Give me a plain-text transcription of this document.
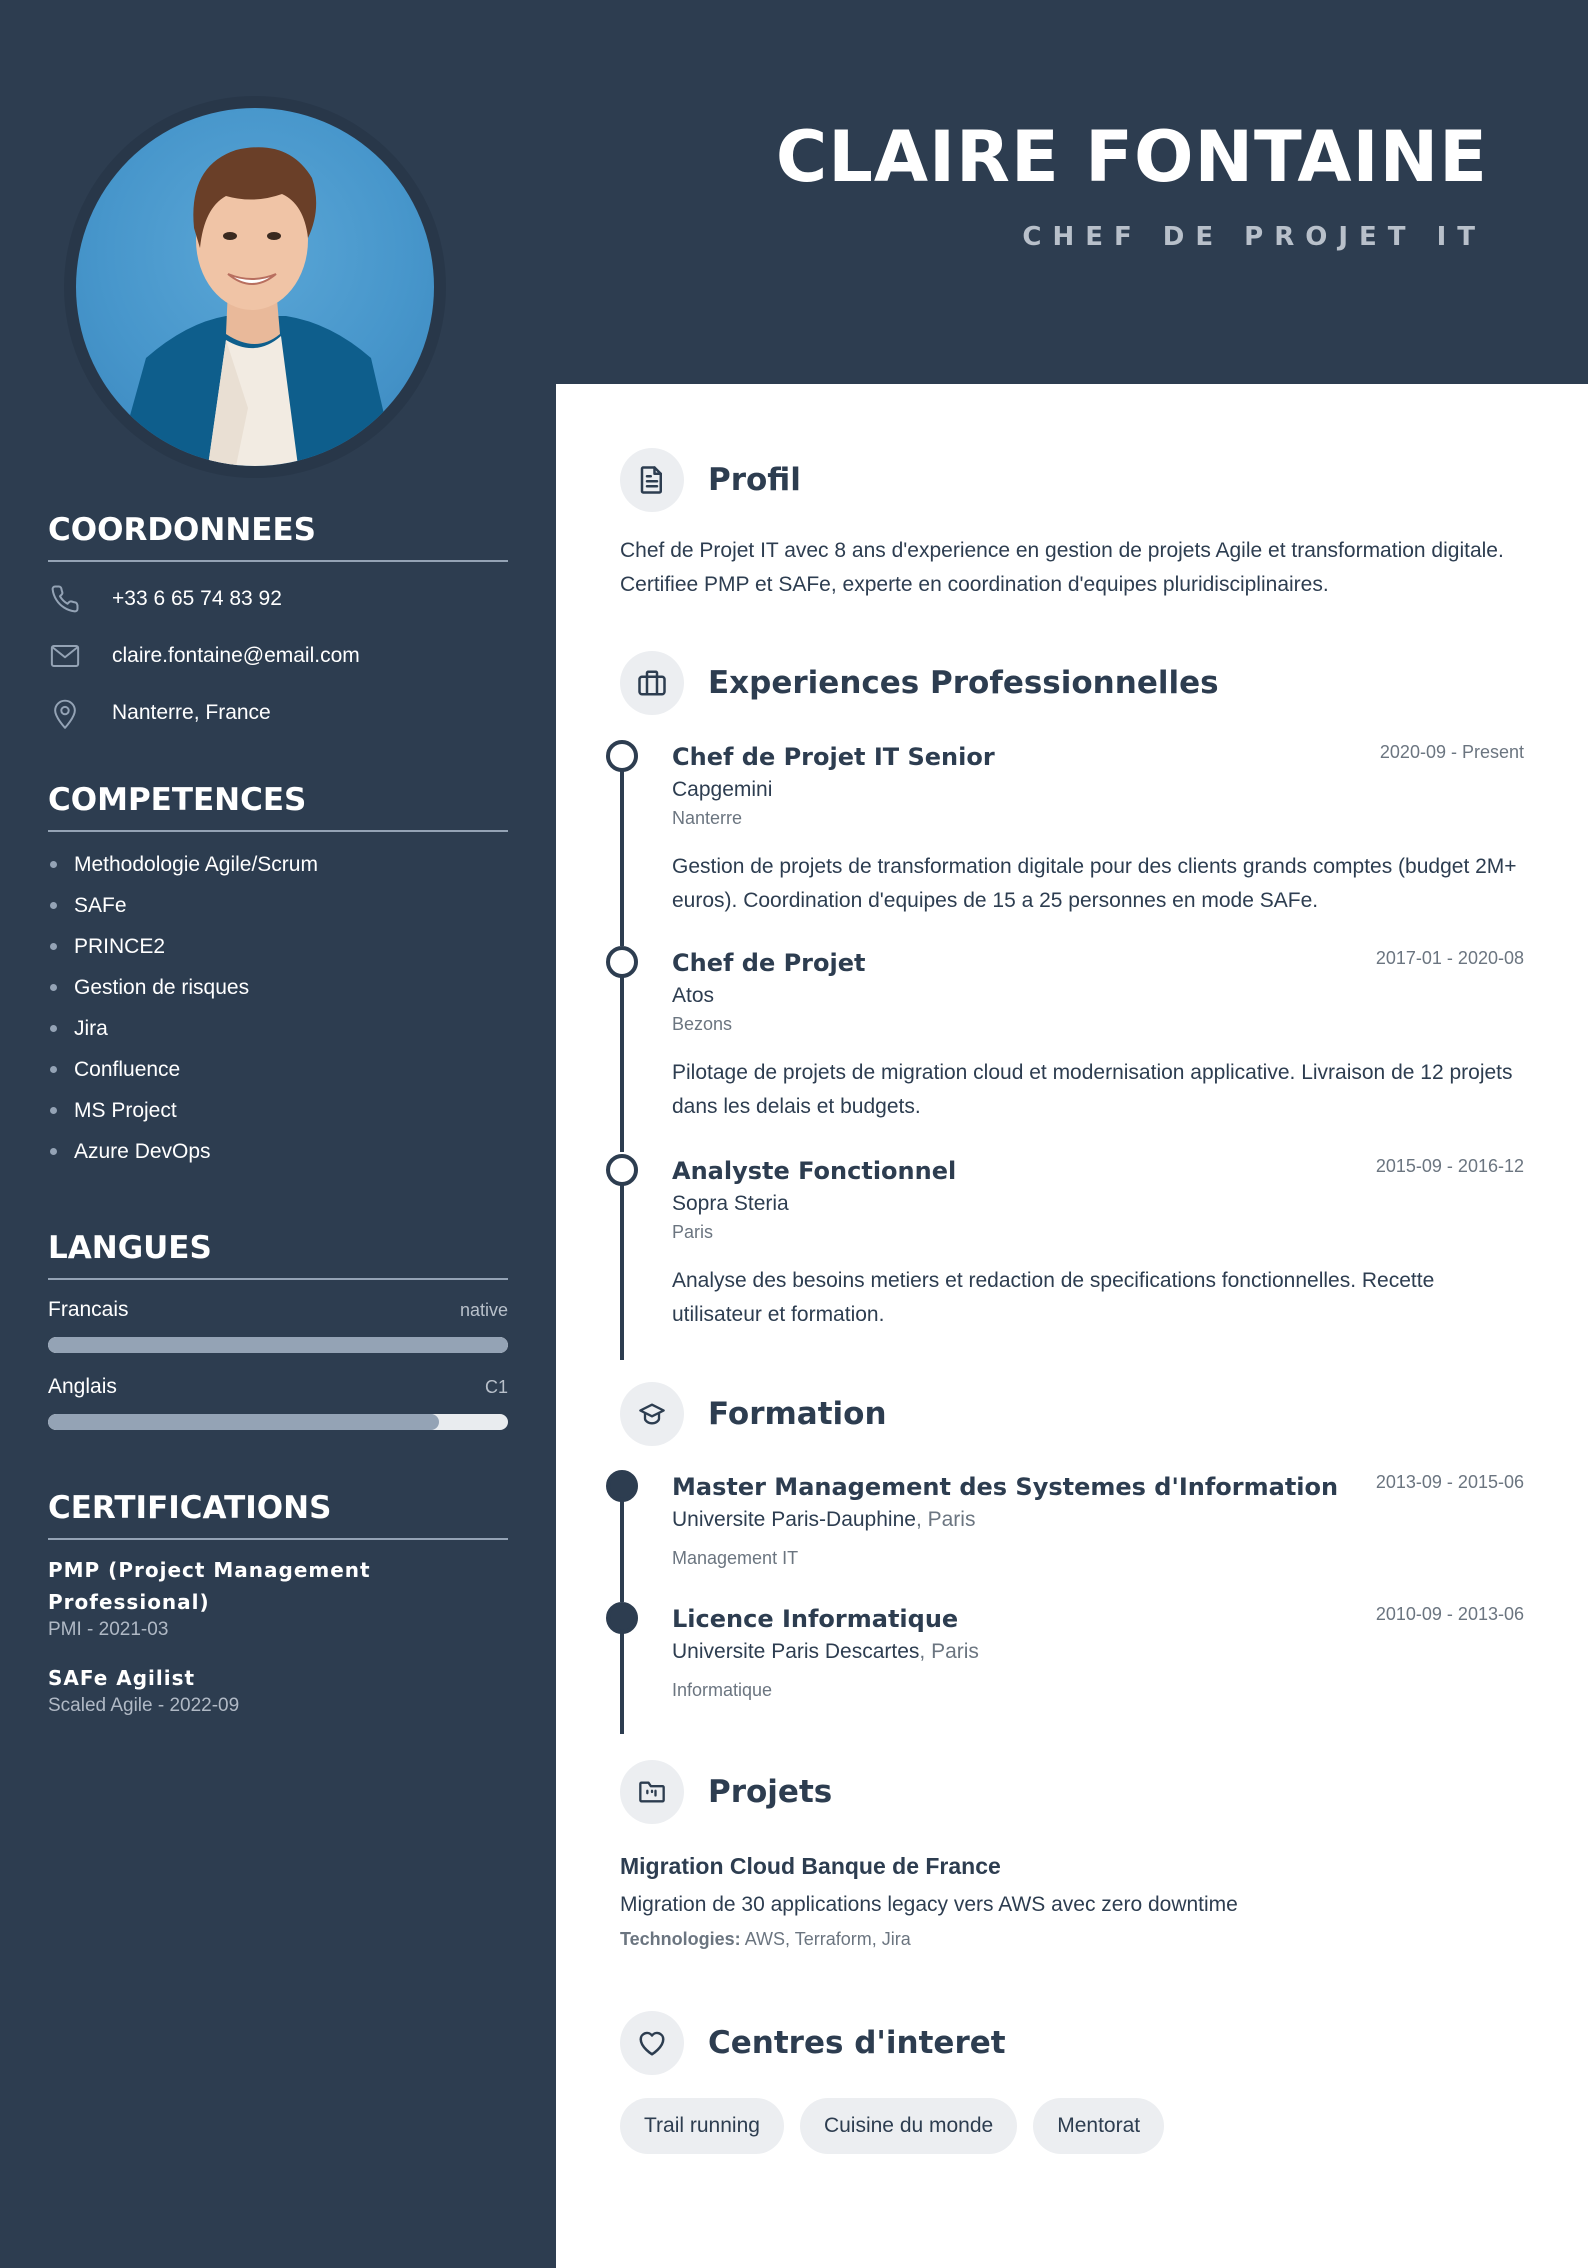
COORDONNEES
+33 6 65 74 83 92
claire.fontaine@email.com
Nanterre, France
COMPETENCES
Methodologie Agile/Scrum
SAFe
PRINCE2
Gestion de risques
Jira
Confluence
MS Project
Azure DevOps
LANGUES
Francais	native
Anglais	C1
CERTIFICATIONS
PMP (Project Management Professional)
PMI - 2021-03
SAFe Agilist
Scaled Agile - 2022-09
CLAIRE FONTAINE
CHEF DE PROJET IT
Profil
Chef de Projet IT avec 8 ans d'experience en gestion de projets Agile et transformation digitale. Certifiee PMP et SAFe, experte en coordination d'equipes pluridisciplinaires.
Experiences Professionnelles
Chef de Projet IT Senior	2020-09 - Present
Capgemini
Nanterre
Gestion de projets de transformation digitale pour des clients grands comptes (budget 2M+ euros). Coordination d'equipes de 15 a 25 personnes en mode SAFe.
Chef de Projet	2017-01 - 2020-08
Atos
Bezons
Pilotage de projets de migration cloud et modernisation applicative. Livraison de 12 projets dans les delais et budgets.
Analyste Fonctionnel	2015-09 - 2016-12
Sopra Steria
Paris
Analyse des besoins metiers et redaction de specifications fonctionnelles. Recette utilisateur et formation.
Formation
Master Management des Systemes d'Information	2013-09 - 2015-06
Universite Paris-Dauphine, Paris
Management IT
Licence Informatique	2010-09 - 2013-06
Universite Paris Descartes, Paris
Informatique
Projets
Migration Cloud Banque de France
Migration de 30 applications legacy vers AWS avec zero downtime
Technologies: AWS, Terraform, Jira
Centres d'interet
Trail running	Cuisine du monde	Mentorat
